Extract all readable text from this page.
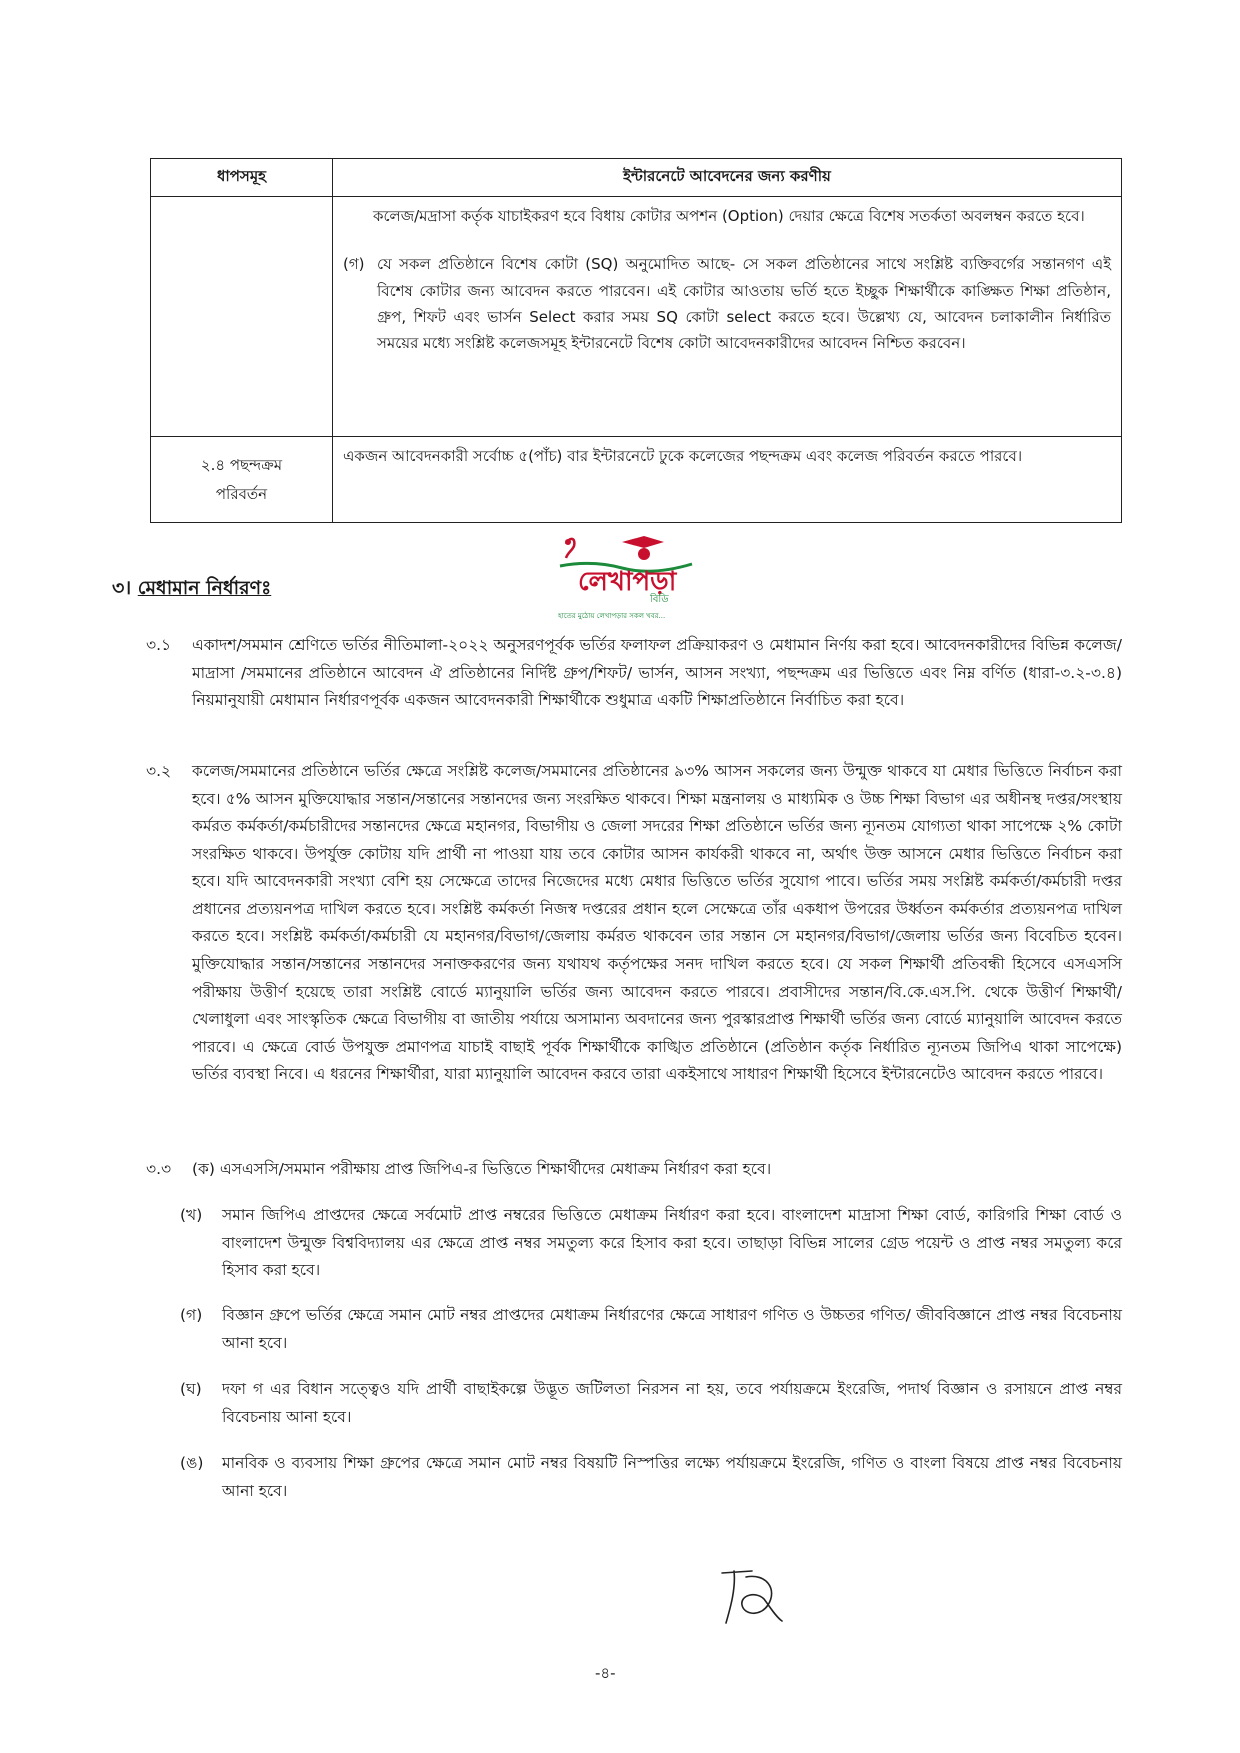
ধাপসমূহ	ইন্টারনেটে আবেদনের জন্য করণীয়

	কলেজ/মদ্রাসা কর্তৃক যাচাইকরণ হবে বিধায় কোটার অপশন (Option) দেয়ার ক্ষেত্রে বিশেষ সতর্কতা অবলম্বন করতে হবে।
(গ) যে সকল প্রতিষ্ঠানে বিশেষ কোটা (SQ) অনুমোদিত আছে- সে সকল প্রতিষ্ঠানের সাথে সংশ্লিষ্ট ব্যক্তিবর্গের সন্তানগণ এই বিশেষ কোটার জন্য আবেদন করতে পারবেন। এই কোটার আওতায় ভর্তি হতে ইচ্ছুক শিক্ষার্থীকে কাঙ্ক্ষিত শিক্ষা প্রতিষ্ঠান, গ্রুপ, শিফট এবং ভার্সন Select করার সময় SQ কোটা select করতে হবে। উল্লেখ্য যে, আবেদন চলাকালীন নির্ধারিত সময়ের মধ্যে সংশ্লিষ্ট কলেজসমূহ ইন্টারনেটে বিশেষ কোটা আবেদনকারীদের আবেদন নিশ্চিত করবেন।

২.৪ পছন্দক্রম
পরিবর্তন	একজন আবেদনকারী সর্বোচ্চ ৫(পাঁচ) বার ইন্টারনেটে ঢুকে কলেজের পছন্দক্রম এবং কলেজ পরিবর্তন করতে পারবে।
৩। মেধামান নির্ধারণঃ	লেখাপড়া
বিডি
হাতের মুঠোয় লেখাপড়ার সকল খবর...
৩.১	একাদশ/সমমান শ্রেণিতে ভর্তির নীতিমালা-২০২২ অনুসরণপূর্বক ভর্তির ফলাফল প্রক্রিয়াকরণ ও মেধামান নির্ণয় করা হবে। আবেদনকারীদের বিভিন্ন কলেজ/মাদ্রাসা /সমমানের প্রতিষ্ঠানে আবেদন ঐ প্রতিষ্ঠানের নির্দিষ্ট গ্রুপ/শিফট/ ভার্সন, আসন সংখ্যা, পছন্দক্রম এর ভিত্তিতে এবং নিম্ন বর্ণিত (ধারা-৩.২-৩.৪) নিয়মানুযায়ী মেধামান নির্ধারণপূর্বক একজন আবেদনকারী শিক্ষার্থীকে শুধুমাত্র একটি শিক্ষাপ্রতিষ্ঠানে নির্বাচিত করা হবে।
৩.২	কলেজ/সমমানের প্রতিষ্ঠানে ভর্তির ক্ষেত্রে সংশ্লিষ্ট কলেজ/সমমানের প্রতিষ্ঠানের ৯৩% আসন সকলের জন্য উন্মুক্ত থাকবে যা মেধার ভিত্তিতে নির্বাচন করা হবে। ৫% আসন মুক্তিযোদ্ধার সন্তান/সন্তানের সন্তানদের জন্য সংরক্ষিত থাকবে। শিক্ষা মন্ত্রনালয় ও মাধ্যমিক ও উচ্চ শিক্ষা বিভাগ এর অধীনস্থ দপ্তর/সংস্থায় কর্মরত কর্মকর্তা/কর্মচারীদের সন্তানদের ক্ষেত্রে মহানগর, বিভাগীয় ও জেলা সদরের শিক্ষা প্রতিষ্ঠানে ভর্তির জন্য ন্যূনতম যোগ্যতা থাকা সাপেক্ষে ২% কোটা সংরক্ষিত থাকবে। উপর্যুক্ত কোটায় যদি প্রার্থী না পাওয়া যায় তবে কোটার আসন কার্যকরী থাকবে না, অর্থাৎ উক্ত আসনে মেধার ভিত্তিতে নির্বাচন করা হবে। যদি আবেদনকারী সংখ্যা বেশি হয় সেক্ষেত্রে তাদের নিজেদের মধ্যে মেধার ভিত্তিতে ভর্তির সুযোগ পাবে। ভর্তির সময় সংশ্লিষ্ট কর্মকর্তা/কর্মচারী দপ্তর প্রধানের প্রত্যয়নপত্র দাখিল করতে হবে। সংশ্লিষ্ট কর্মকর্তা নিজস্ব দপ্তরের প্রধান হলে সেক্ষেত্রে তাঁর একধাপ উপরের উর্ধ্বতন কর্মকর্তার প্রত্যয়নপত্র দাখিল করতে হবে। সংশ্লিষ্ট কর্মকর্তা/কর্মচারী যে মহানগর/বিভাগ/জেলায় কর্মরত থাকবেন তার সন্তান সে মহানগর/বিভাগ/জেলায় ভর্তির জন্য বিবেচিত হবেন। মুক্তিযোদ্ধার সন্তান/সন্তানের সন্তানদের সনাক্তকরণের জন্য যথাযথ কর্তৃপক্ষের সনদ দাখিল করতে হবে। যে সকল শিক্ষার্থী প্রতিবন্ধী হিসেবে এসএসসি পরীক্ষায় উত্তীর্ণ হয়েছে তারা সংশ্লিষ্ট বোর্ডে ম্যানুয়ালি ভর্তির জন্য আবেদন করতে পারবে। প্রবাসীদের সন্তান/বি.কে.এস.পি. থেকে উত্তীর্ণ শিক্ষার্থী/খেলাধুলা এবং সাংস্কৃতিক ক্ষেত্রে বিভাগীয় বা জাতীয় পর্যায়ে অসামান্য অবদানের জন্য পুরস্কারপ্রাপ্ত শিক্ষার্থী ভর্তির জন্য বোর্ডে ম্যানুয়ালি আবেদন করতে পারবে। এ ক্ষেত্রে বোর্ড উপযুক্ত প্রমাণপত্র যাচাই বাছাই পূর্বক শিক্ষার্থীকে কাঙ্খিত প্রতিষ্ঠানে (প্রতিষ্ঠান কর্তৃক নির্ধারিত ন্যূনতম জিপিএ থাকা সাপেক্ষে) ভর্তির ব্যবস্থা নিবে। এ ধরনের শিক্ষার্থীরা, যারা ম্যানুয়ালি আবেদন করবে তারা একইসাথে সাধারণ শিক্ষার্থী হিসেবে ইন্টারনেটেও আবেদন করতে পারবে।
৩.৩	(ক) এসএসসি/সমমান পরীক্ষায় প্রাপ্ত জিপিএ-র ভিত্তিতে শিক্ষার্থীদের মেধাক্রম নির্ধারণ করা হবে।
(খ)	সমান জিপিএ প্রাপ্তদের ক্ষেত্রে সর্বমোট প্রাপ্ত নম্বরের ভিত্তিতে মেধাক্রম নির্ধারণ করা হবে। বাংলাদেশ মাদ্রাসা শিক্ষা বোর্ড, কারিগরি শিক্ষা বোর্ড ও বাংলাদেশ উন্মুক্ত বিশ্ববিদ্যালয় এর ক্ষেত্রে প্রাপ্ত নম্বর সমতুল্য করে হিসাব করা হবে। তাছাড়া বিভিন্ন সালের গ্রেড পয়েন্ট ও প্রাপ্ত নম্বর সমতুল্য করে হিসাব করা হবে।
(গ)	বিজ্ঞান গ্রুপে ভর্তির ক্ষেত্রে সমান মোট নম্বর প্রাপ্তদের মেধাক্রম নির্ধারণের ক্ষেত্রে সাধারণ গণিত ও উচ্চতর গণিত/ জীববিজ্ঞানে প্রাপ্ত নম্বর বিবেচনায় আনা হবে।
(ঘ)	দফা গ এর বিধান সত্ত্বেও যদি প্রার্থী বাছাইকল্পে উদ্ভূত জটিলতা নিরসন না হয়, তবে পর্যায়ক্রমে ইংরেজি, পদার্থ বিজ্ঞান ও রসায়নে প্রাপ্ত নম্বর বিবেচনায় আনা হবে।
(ঙ)	মানবিক ও ব্যবসায় শিক্ষা গ্রুপের ক্ষেত্রে সমান মোট নম্বর বিষয়টি নিস্পত্তির লক্ষ্যে পর্যায়ক্রমে ইংরেজি, গণিত ও বাংলা বিষয়ে প্রাপ্ত নম্বর বিবেচনায় আনা হবে।
-৪-
